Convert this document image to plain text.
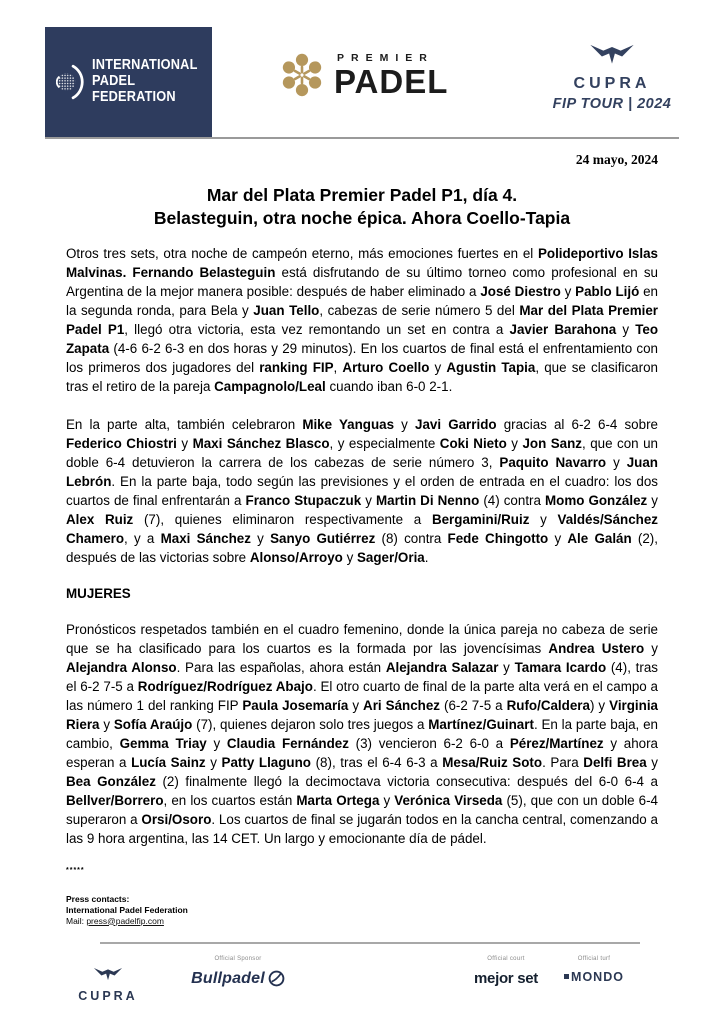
INTERNATIONAL
PADEL
FEDERATION
PREMIER
PADEL	CUPRA
FIP TOUR | 2024
24 mayo, 2024
Mar del Plata Premier Padel P1, día 4.
Belasteguin, otra noche épica. Ahora Coello-Tapia

Otros tres sets, otra noche de campeón eterno, más emociones fuertes en el Polideportivo Islas Malvinas. Fernando Belasteguin está disfrutando de su último torneo como profesional en su Argentina de la mejor manera posible: después de haber eliminado a José Diestro y Pablo Lijó en la segunda ronda, para Bela y Juan Tello, cabezas de serie número 5 del Mar del Plata Premier Padel P1, llegó otra victoria, esta vez remontando un set en contra a Javier Barahona y Teo Zapata (4-6 6-2 6-3 en dos horas y 29 minutos). En los cuartos de final está el enfrentamiento con los primeros dos jugadores del ranking FIP, Arturo Coello y Agustin Tapia, que se clasificaron tras el retiro de la pareja Campagnolo/Leal cuando iban 6-0 2-1.

En la parte alta, también celebraron Mike Yanguas y Javi Garrido gracias al 6-2 6-4 sobre Federico Chiostri y Maxi Sánchez Blasco, y especialmente Coki Nieto y Jon Sanz, que con un doble 6-4 detuvieron la carrera de los cabezas de serie número 3, Paquito Navarro y Juan Lebrón. En la parte baja, todo según las previsiones y el orden de entrada en el cuadro: los dos cuartos de final enfrentarán a Franco Stupaczuk y Martin Di Nenno (4) contra Momo González y Alex Ruiz (7), quienes eliminaron respectivamente a Bergamini/Ruiz y Valdés/Sánchez Chamero, y a Maxi Sánchez y Sanyo Gutiérrez (8) contra Fede Chingotto y Ale Galán (2), después de las victorias sobre Alonso/Arroyo y Sager/Oria.

MUJERES

Pronósticos respetados también en el cuadro femenino, donde la única pareja no cabeza de serie que se ha clasificado para los cuartos es la formada por las jovencísimas Andrea Ustero y Alejandra Alonso. Para las españolas, ahora están Alejandra Salazar y Tamara Icardo (4), tras el 6-2 7-5 a Rodríguez/Rodríguez Abajo. El otro cuarto de final de la parte alta verá en el campo a las número 1 del ranking FIP Paula Josemaría y Ari Sánchez (6-2 7-5 a Rufo/Caldera) y Virginia Riera y Sofía Araújo (7), quienes dejaron solo tres juegos a Martínez/Guinart. En la parte baja, en cambio, Gemma Triay y Claudia Fernández (3) vencieron 6-2 6-0 a Pérez/Martínez y ahora esperan a Lucía Sainz y Patty Llaguno (8), tras el 6-4 6-3 a Mesa/Ruiz Soto. Para Delfi Brea y Bea González (2) finalmente llegó la decimoctava victoria consecutiva: después del 6-0 6-4 a Bellver/Borrero, en los cuartos están Marta Ortega y Verónica Virseda (5), que con un doble 6-4 superaron a Orsi/Osoro. Los cuartos de final se jugarán todos en la cancha central, comenzando a las 9 hora argentina, las 14 CET. Un largo y emocionante día de pádel.

*****
Press contacts:
International Padel Federation
Mail: press@padelfip.com
CUPRA
Official Sponsor
Bullpadel
Official court
mejor set
Official turf
MONDO
